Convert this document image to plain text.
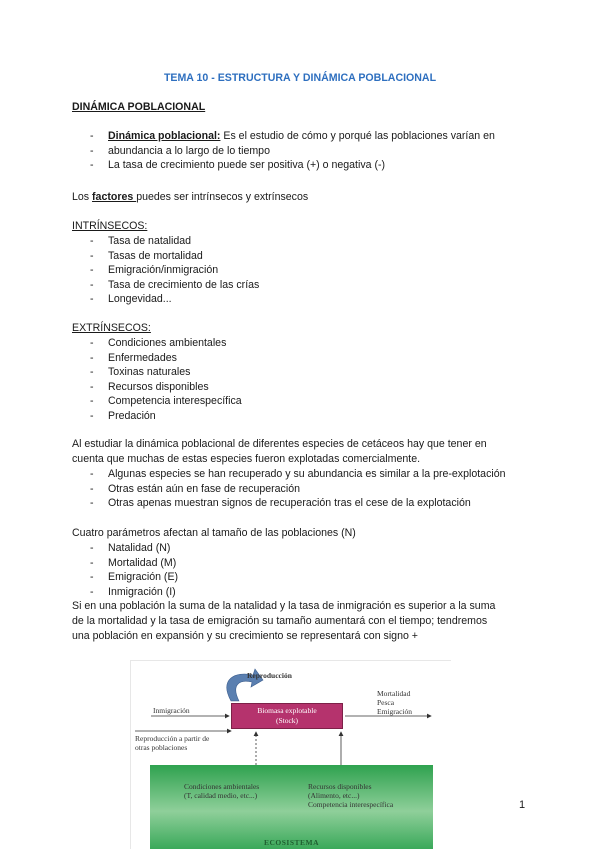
TEMA 10 - ESTRUCTURA Y DINÁMICA POBLACIONAL
DINÁMICA POBLACIONAL
- Dinámica poblacional: Es el estudio de cómo y porqué las poblaciones varían en
- abundancia a lo largo de lo tiempo
- La tasa de crecimiento puede ser positiva (+) o negativa (-)
Los factores puedes ser intrínsecos y extrínsecos
INTRÍNSECOS:
- Tasa de natalidad
- Tasas de mortalidad
- Emigración/inmigración
- Tasa de crecimiento de las crías
- Longevidad...
EXTRÍNSECOS:
- Condiciones ambientales
- Enfermedades
- Toxinas naturales
- Recursos disponibles
- Competencia interespecífica
- Predación
Al estudiar la dinámica poblacional de diferentes especies de cetáceos hay que tener en
cuenta que muchas de estas especies fueron explotadas comercialmente.
- Algunas especies se han recuperado y su abundancia es similar a la pre-explotación
- Otras están aún en fase de recuperación
- Otras apenas muestran signos de recuperación tras el cese de la explotación
Cuatro parámetros afectan al tamaño de las poblaciones (N)
- Natalidad (N)
- Mortalidad (M)
- Emigración (E)
- Inmigración (I)
Si en una población la suma de la natalidad y la tasa de inmigración es superior a la suma
de la mortalidad y la tasa de emigración su tamaño aumentará con el tiempo; tendremos
una población en expansión y su crecimiento se representará con signo +
Reproducción
Inmigración	Biomasa explotable
(Stock)
Mortalidad
Pesca
Emigración
Reproducción a partir de
otras poblaciones
Condiciones ambientales
(T, calidad medio, etc...)
Recursos disponibles
(Alimento, etc...)
Competencia interespecífica
ECOSISTEMA
1
